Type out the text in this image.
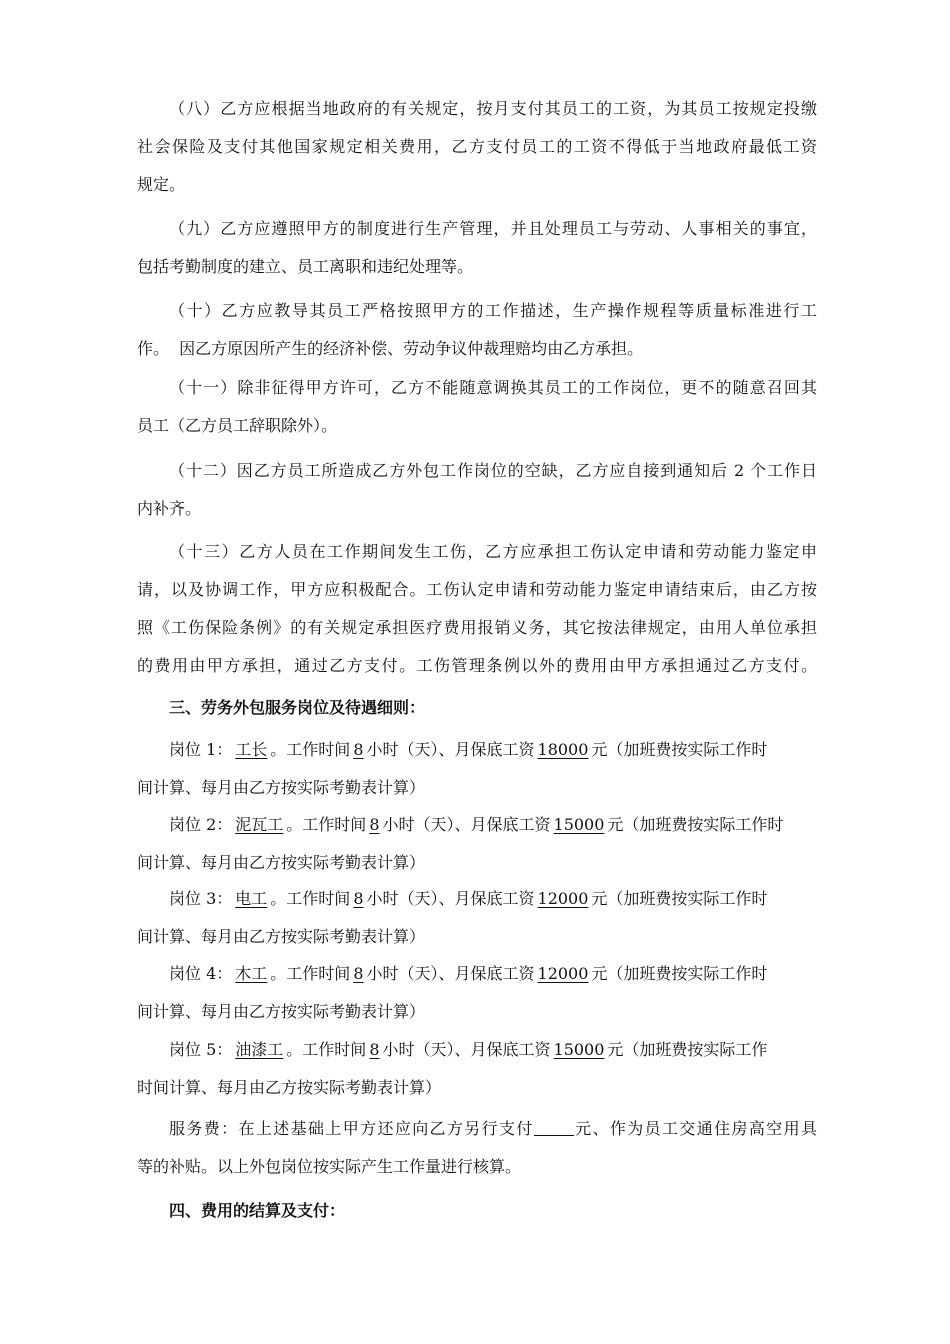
（八）乙方应根据当地政府的有关规定，按月支付其员工的工资，为其员工按规定投缴
社会保险及支付其他国家规定相关费用，乙方支付员工的工资不得低于当地政府最低工资
规定。
（九）乙方应遵照甲方的制度进行生产管理，并且处理员工与劳动、人事相关的事宜，
包括考勤制度的建立、员工离职和违纪处理等。
（十）乙方应教导其员工严格按照甲方的工作描述，生产操作规程等质量标准进行工
作。  因乙方原因所产生的经济补偿、劳动争议仲裁理赔均由乙方承担。
（十一）除非征得甲方许可，乙方不能随意调换其员工的工作岗位，更不的随意召回其
员工（乙方员工辞职除外）。
（十二）因乙方员工所造成乙方外包工作岗位的空缺，乙方应自接到通知后 2 个工作日
内补齐。
（十三）乙方人员在工作期间发生工伤，乙方应承担工伤认定申请和劳动能力鉴定申
请，以及协调工作，甲方应积极配合。工伤认定申请和劳动能力鉴定申请结束后，由乙方按
照《工伤保险条例》的有关规定承担医疗费用报销义务，其它按法律规定，由用人单位承担
的费用由甲方承担，通过乙方支付。工伤管理条例以外的费用由甲方承担通过乙方支付。
三、劳务外包服务岗位及待遇细则：
岗位 1： 工长 。工作时间 8 小时（天）、月保底工资 18000 元（加班费按实际工作时
间计算、每月由乙方按实际考勤表计算）
岗位 2： 泥瓦工 。工作时间 8 小时（天）、月保底工资 15000 元（加班费按实际工作时
间计算、每月由乙方按实际考勤表计算）
岗位 3： 电工 。工作时间 8 小时（天）、月保底工资 12000 元（加班费按实际工作时
间计算、每月由乙方按实际考勤表计算）
岗位 4： 木工 。工作时间 8 小时（天）、月保底工资 12000 元（加班费按实际工作时
间计算、每月由乙方按实际考勤表计算）
岗位 5： 油漆工 。工作时间 8 小时（天）、月保底工资 15000 元（加班费按实际工作
时间计算、每月由乙方按实际考勤表计算）
服务费：在上述基础上甲方还应向乙方另行支付	元、作为员工交通住房高空用具
等的补贴。以上外包岗位按实际产生工作量进行核算。
四、费用的结算及支付：
